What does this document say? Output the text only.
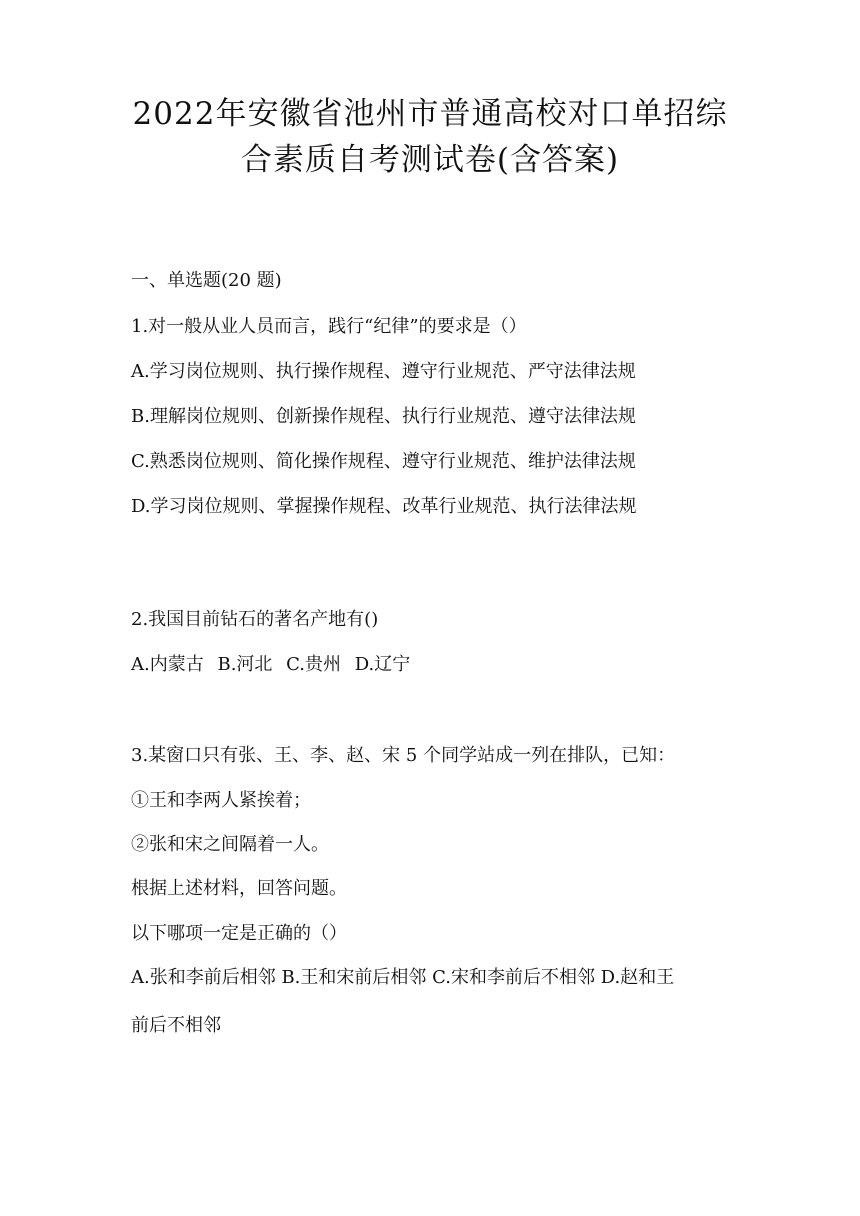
2022年安徽省池州市普通高校对口单招综
合素质自考测试卷(含答案)
一、单选题(20 题)
1.对一般从业人员而言，践行“纪律”的要求是（）
A.学习岗位规则、执行操作规程、遵守行业规范、严守法律法规
B.理解岗位规则、创新操作规程、执行行业规范、遵守法律法规
C.熟悉岗位规则、简化操作规程、遵守行业规范、维护法律法规
D.学习岗位规则、掌握操作规程、改革行业规范、执行法律法规
2.我国目前钻石的著名产地有()
A.内蒙古 B.河北 C.贵州 D.辽宁
3.某窗口只有张、王、李、赵、宋 5 个同学站成一列在排队，已知：
①王和李两人紧挨着；
②张和宋之间隔着一人。
根据上述材料，回答问题。
以下哪项一定是正确的（）
A.张和李前后相邻 B.王和宋前后相邻 C.宋和李前后不相邻 D.赵和王
前后不相邻
